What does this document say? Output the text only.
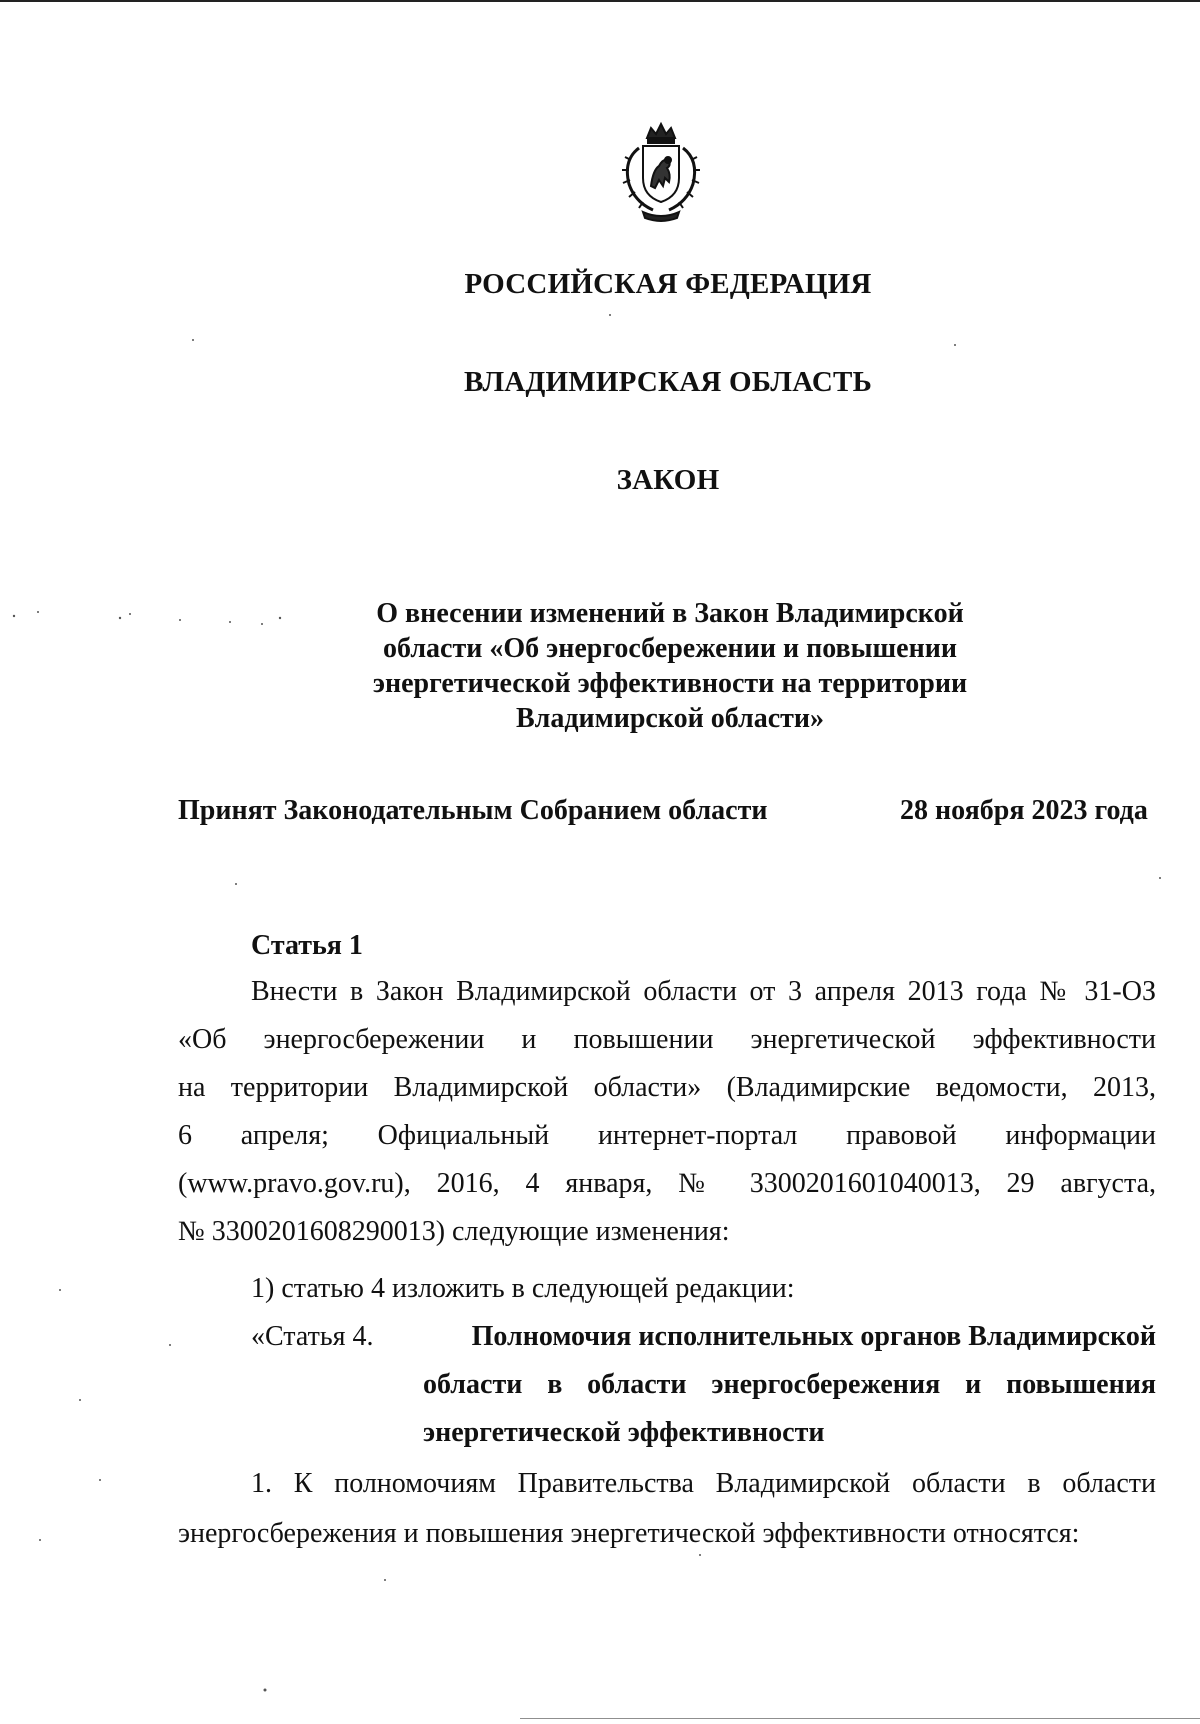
РОССИЙСКАЯ ФЕДЕРАЦИЯ
ВЛАДИМИРСКАЯ ОБЛАСТЬ
ЗАКОН
О внесении изменений в Закон Владимирской
области «Об энергосбережении и повышении
энергетической эффективности на территории
Владимирской области»
Принят Законодательным Собранием области	28 ноября 2023 года
Статья 1
Внести в Закон Владимирской области от 3 апреля 2013 года № 31-ОЗ
«Об энергосбережении и повышении энергетической эффективности
на территории Владимирской области» (Владимирские ведомости, 2013,
6 апреля; Официальный интернет-портал правовой информации
(www.pravo.gov.ru), 2016, 4 января, № 3300201601040013, 29 августа,
№ 3300201608290013) следующие изменения:
1) статью 4 изложить в следующей редакции:
«Статья 4.	Полномочия исполнительных органов Владимирской
области в области энергосбережения и повышения
энергетической эффективности
1. К полномочиям Правительства Владимирской области в области
энергосбережения и повышения энергетической эффективности относятся:
